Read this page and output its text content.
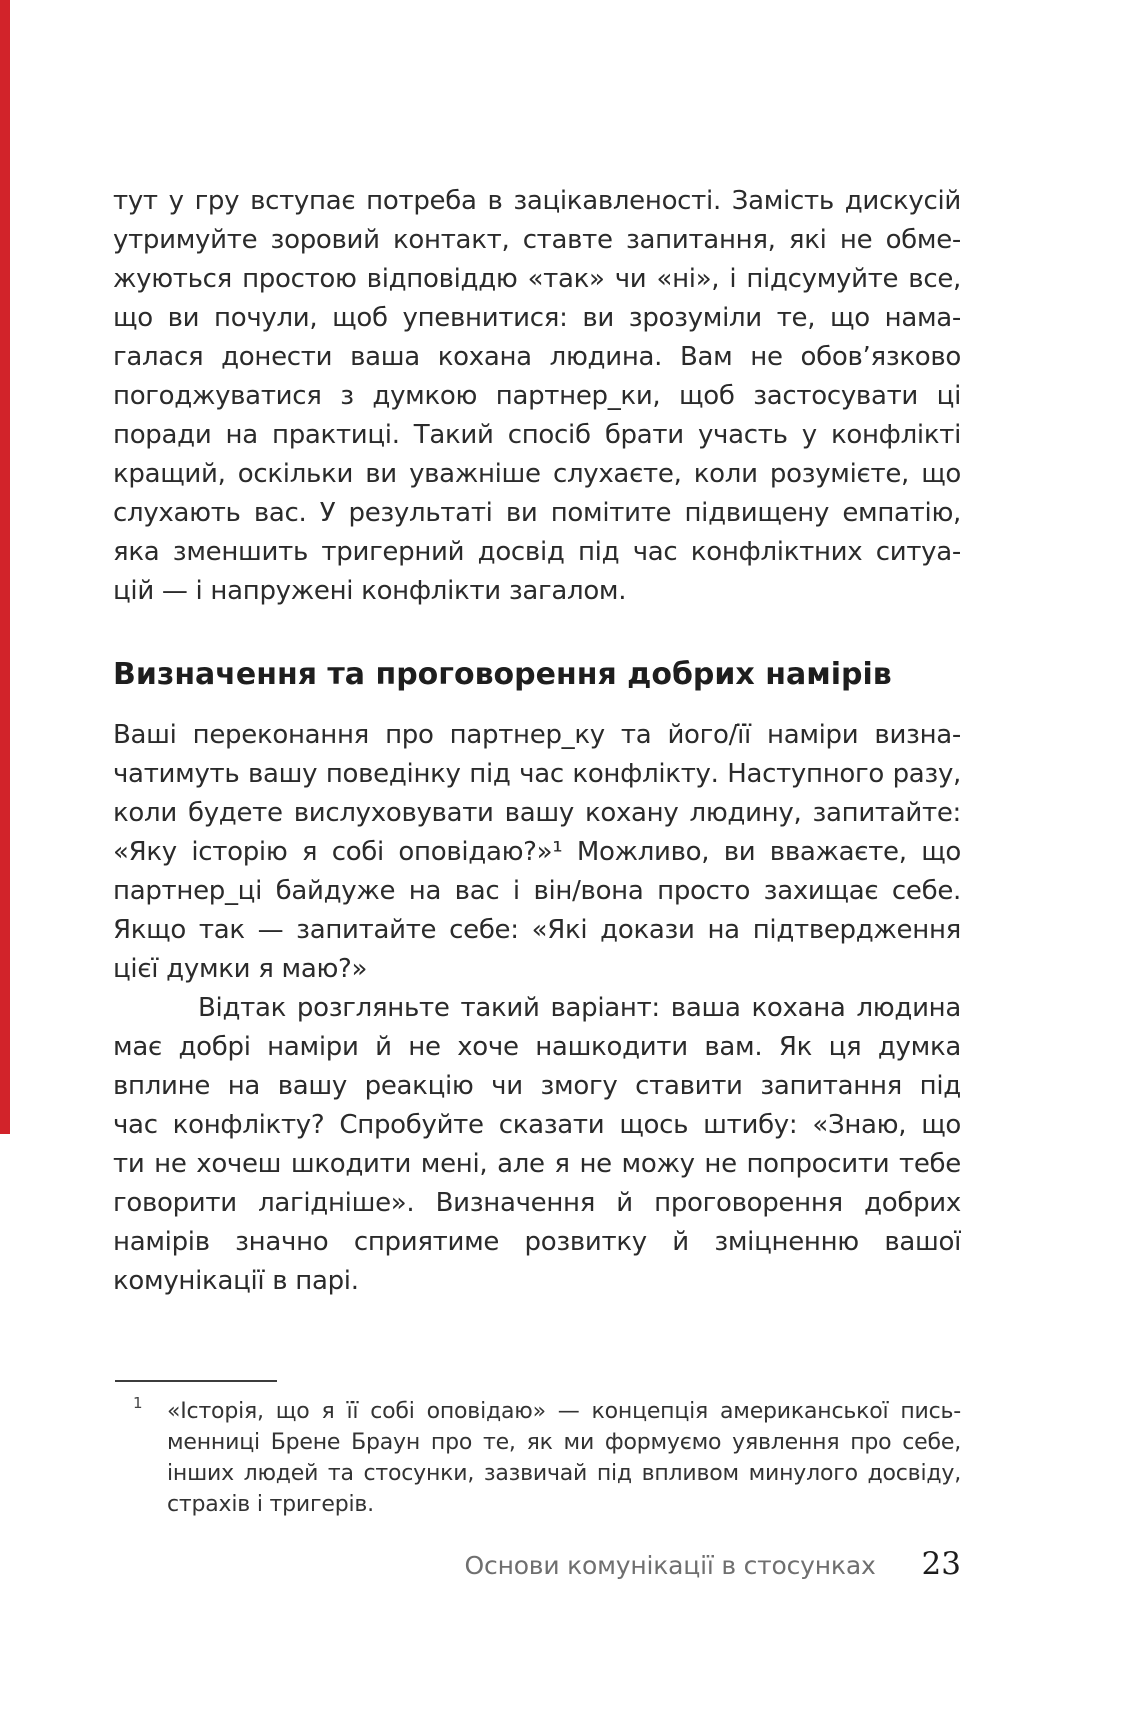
тут у гру вступає потреба в зацікавленості. Замість дискусій
утримуйте зоровий контакт, ставте запитання, які не обме-
жуються простою відповіддю «так» чи «ні», і підсумуйте все,
що ви почули, щоб упевнитися: ви зрозуміли те, що нама-
галася донести ваша кохана людина. Вам не обов’язково
погоджуватися з думкою партнер_ки, щоб застосувати ці
поради на практиці. Такий спосіб брати участь у конфлікті
кращий, оскільки ви уважніше слухаєте, коли розумієте, що
слухають вас. У результаті ви помітите підвищену емпатію,
яка зменшить тригерний досвід під час конфліктних ситуа-
цій — і напружені конфлікти загалом.
Визначення та проговорення добрих намірів
Ваші переконання про партнер_ку та його/її наміри визна-
чатимуть вашу поведінку під час конфлікту. Наступного разу,
коли будете вислуховувати вашу кохану людину, запитайте:
«Яку історію я собі оповідаю?»¹ Можливо, ви вважаєте, що
партнер_ці байдуже на вас і він/вона просто захищає себе.
Якщо так — запитайте себе: «Які докази на підтвердження
цієї думки я маю?»
Відтак розгляньте такий варіант: ваша кохана людина
має добрі наміри й не хоче нашкодити вам. Як ця думка
вплине на вашу реакцію чи змогу ставити запитання під
час конфлікту? Спробуйте сказати щось штибу: «Знаю, що
ти не хочеш шкодити мені, але я не можу не попросити тебе
говорити лагідніше». Визначення й проговорення добрих
намірів значно сприятиме розвитку й зміцненню вашої
комунікації в парі.
1 «Історія, що я її собі оповідаю» — концепція американської пись-
менниці Брене Браун про те, як ми формуємо уявлення про себе,
інших людей та стосунки, зазвичай під впливом минулого досвіду,
страхів і тригерів.
Основи комунікації в стосунках 23
